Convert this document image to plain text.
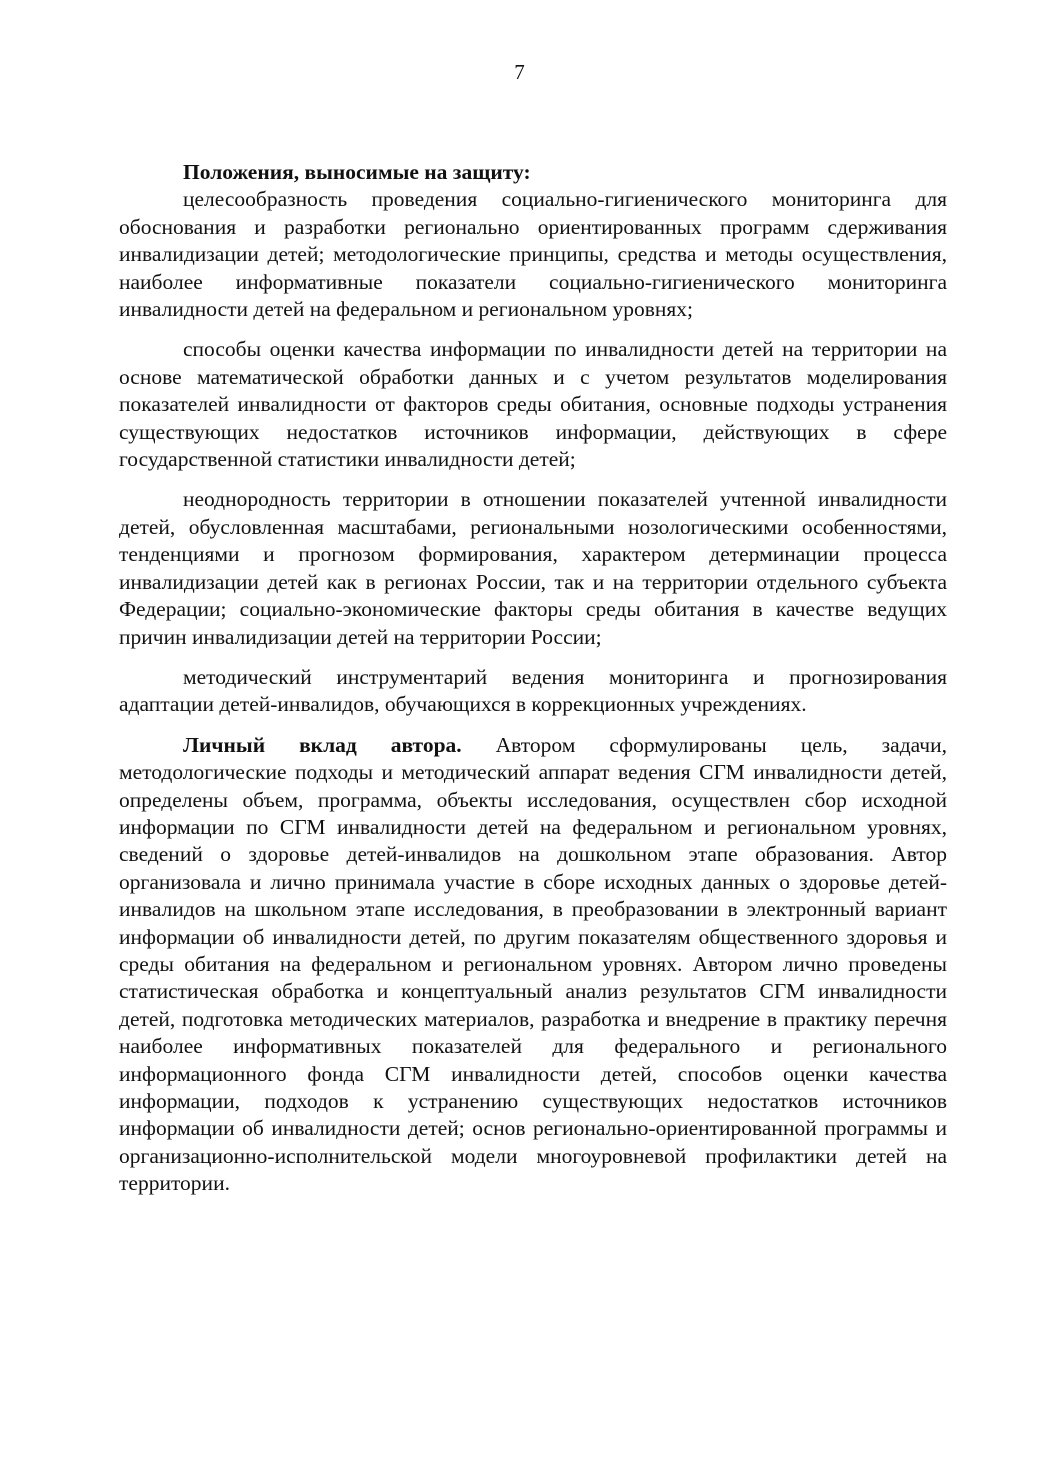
7

Положения, выносимые на защиту:

целесообразность проведения социально-гигиенического мониторинга для обоснования и разработки регионально ориентированных программ сдерживания инвалидизации детей; методологические принципы, средства и методы осуществления, наиболее информативные показатели социально-гигиенического мониторинга инвалидности детей на федеральном и региональном уровнях;

способы оценки качества информации по инвалидности детей на территории на основе математической обработки данных и с учетом результатов моделирования показателей инвалидности от факторов среды обитания, основные подходы устранения существующих недостатков источников информации, действующих в сфере государственной статистики инвалидности детей;

неоднородность территории в отношении показателей учтенной инвалидности детей, обусловленная масштабами, региональными нозологическими особенностями, тенденциями и прогнозом формирования, характером детерминации процесса инвалидизации детей как в регионах России, так и на территории отдельного субъекта Федерации; социально-экономические факторы среды обитания в качестве ведущих причин инвалидизации детей на территории России;

методический инструментарий ведения мониторинга и прогнозирования адаптации детей-инвалидов, обучающихся в коррекционных учреждениях.

Личный вклад автора. Автором сформулированы цель, задачи, методологические подходы и методический аппарат ведения СГМ инвалидности детей, определены объем, программа, объекты исследования, осуществлен сбор исходной информации по СГМ инвалидности детей на федеральном и региональном уровнях, сведений о здоровье детей-инвалидов на дошкольном этапе образования. Автор организовала и лично принимала участие в сборе исходных данных о здоровье детей-инвалидов на школьном этапе исследования, в преобразовании в электронный вариант информации об инвалидности детей, по другим показателям общественного здоровья и среды обитания на федеральном и региональном уровнях. Автором лично проведены статистическая обработка и концептуальный анализ результатов СГМ инвалидности детей, подготовка методических материалов, разработка и внедрение в практику перечня наиболее информативных показателей для федерального и регионального информационного фонда СГМ инвалидности детей, способов оценки качества информации, подходов к устранению существующих недостатков источников информации об инвалидности детей; основ регионально-ориентированной программы и организационно-исполнительской модели многоуровневой профилактики детей на территории.
